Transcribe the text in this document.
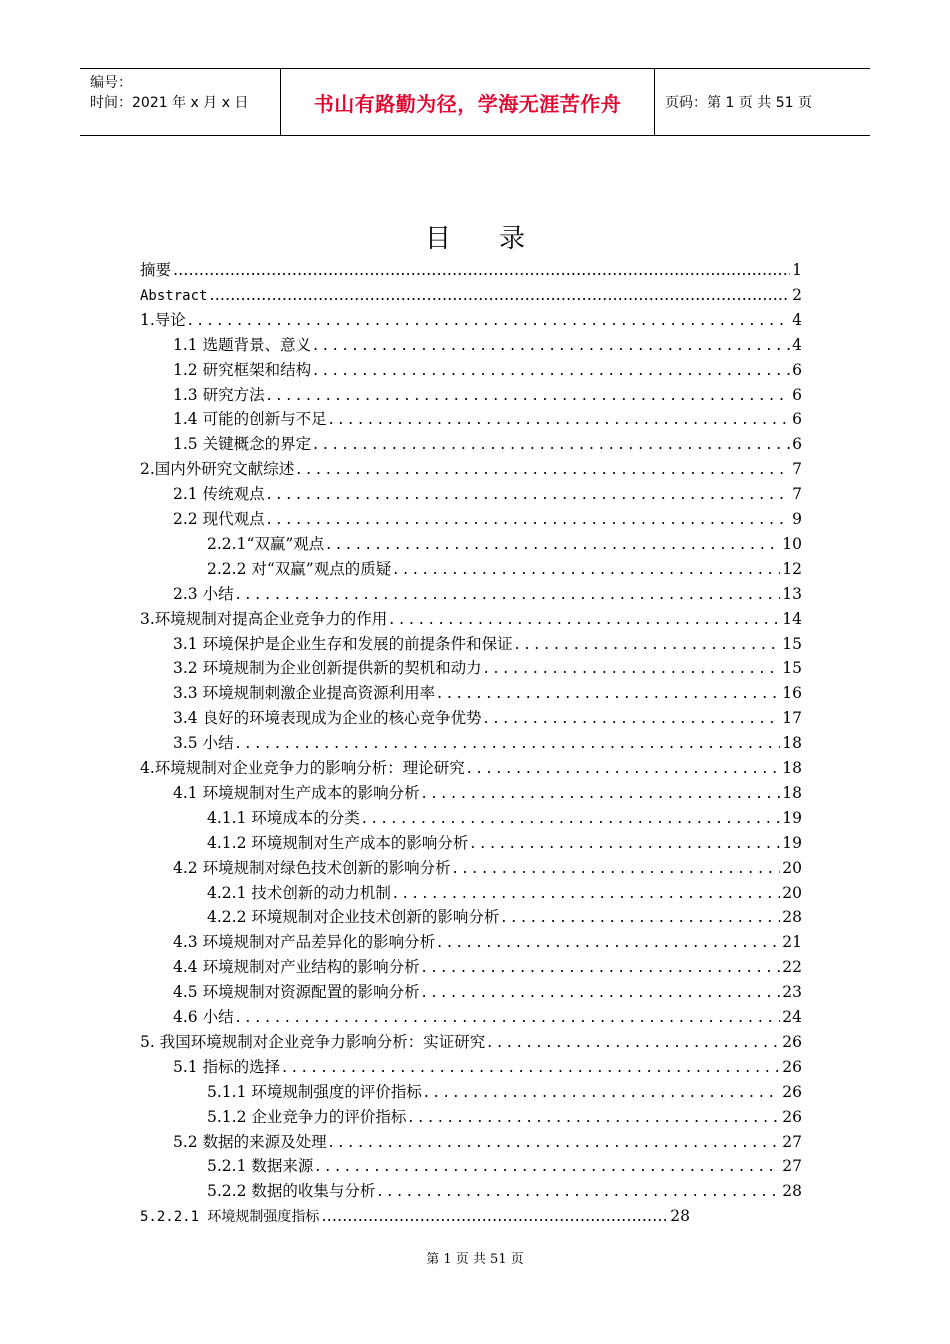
编号：
时间：2021 年 x 月 x 日	书山有路勤为径，学海无涯苦作舟	页码：第 1 页 共 51 页
目录
摘要 ……………………………………………………………………………………………………………………………………………………………………………………………	1
Abstract ……………………………………………………………………………………………………………………………………………………………………………………………	2
1.导论 . . .	4
1.1 选题背景、意义 . . .	4
1.2 研究框架和结构 . . .	6
1.3 研究方法 . . .	6
1.4 可能的创新与不足 . . .	6
1.5 关键概念的界定 . . .	6
2.国内外研究文献综述 . . .	7
2.1 传统观点 . . .	7
2.2 现代观点 . . .	9
2.2.1“双赢”观点 . . .	10
2.2.2 对“双赢”观点的质疑 . . .	12
2.3 小结 . . .	13
3.环境规制对提高企业竞争力的作用 . . .	14
3.1 环境保护是企业生存和发展的前提条件和保证 . . .	15
3.2 环境规制为企业创新提供新的契机和动力 . . .	15
3.3 环境规制刺激企业提高资源利用率 . . .	16
3.4 良好的环境表现成为企业的核心竞争优势 . . .	17
3.5 小结 . . .	18
4.环境规制对企业竞争力的影响分析：理论研究 . . .	18
4.1 环境规制对生产成本的影响分析 . . .	18
4.1.1 环境成本的分类 . . .	19
4.1.2 环境规制对生产成本的影响分析 . . .	19
4.2 环境规制对绿色技术创新的影响分析 . . .	20
4.2.1 技术创新的动力机制 . . .	20
4.2.2 环境规制对企业技术创新的影响分析 . . .	28
4.3 环境规制对产品差异化的影响分析 . . .	21
4.4 环境规制对产业结构的影响分析 . . .	22
4.5 环境规制对资源配置的影响分析 . . .	23
4.6 小结 . . .	24
5. 我国环境规制对企业竞争力影响分析：实证研究 . . .	26
5.1 指标的选择 . . .	26
5.1.1 环境规制强度的评价指标 . . .	26
5.1.2 企业竞争力的评价指标 . . .	26
5.2 数据的来源及处理 . . .	27
5.2.1 数据来源 . . .	27
5.2.2 数据的收集与分析 . . .	28
5.2.2.1 环境规制强度指标 ……………………………………………………………………………………………………………………………………………………………………………………………	28
第 1 页 共 51 页
